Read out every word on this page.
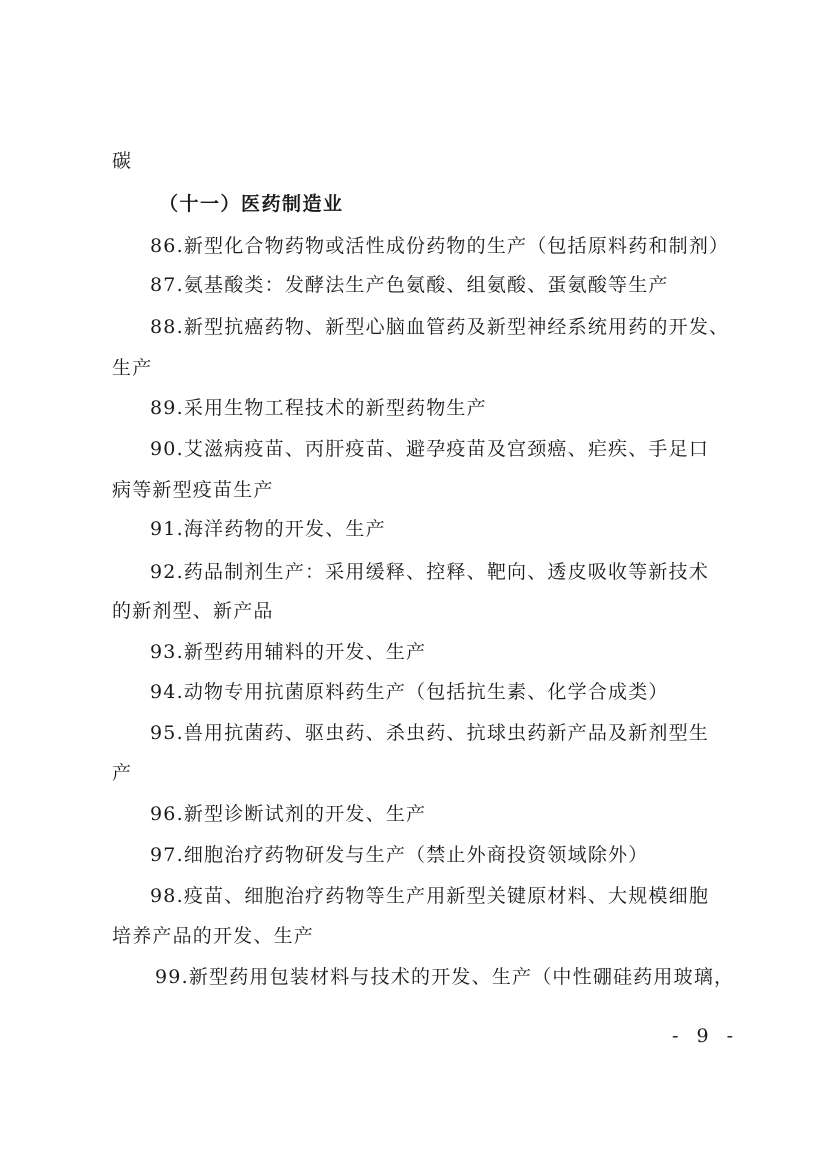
碳
（十一）医药制造业
86.新型化合物药物或活性成份药物的生产（包括原料药和制剂）
87.氨基酸类：发酵法生产色氨酸、组氨酸、蛋氨酸等生产
88.新型抗癌药物、新型心脑血管药及新型神经系统用药的开发、
生产
89.采用生物工程技术的新型药物生产
90.艾滋病疫苗、丙肝疫苗、避孕疫苗及宫颈癌、疟疾、手足口
病等新型疫苗生产
91.海洋药物的开发、生产
92.药品制剂生产：采用缓释、控释、靶向、透皮吸收等新技术
的新剂型、新产品
93.新型药用辅料的开发、生产
94.动物专用抗菌原料药生产（包括抗生素、化学合成类）
95.兽用抗菌药、驱虫药、杀虫药、抗球虫药新产品及新剂型生
产
96.新型诊断试剂的开发、生产
97.细胞治疗药物研发与生产（禁止外商投资领域除外）
98.疫苗、细胞治疗药物等生产用新型关键原材料、大规模细胞
培养产品的开发、生产
99.新型药用包装材料与技术的开发、生产（中性硼硅药用玻璃，
- 9 -
